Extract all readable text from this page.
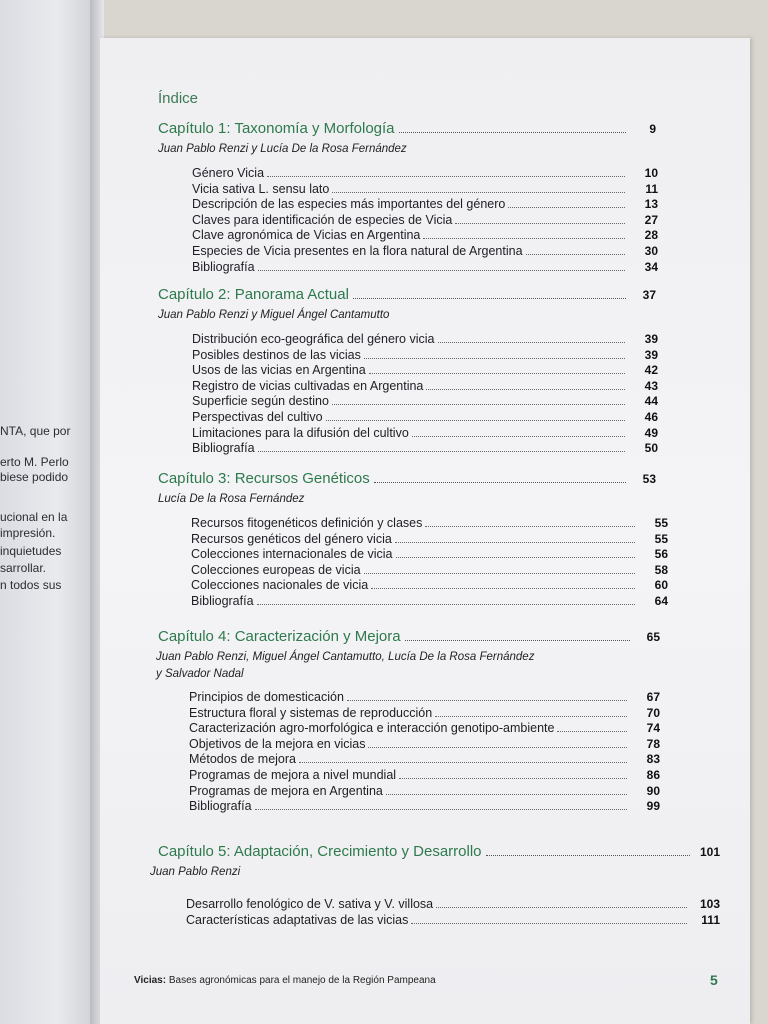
NTA, que por
erto M. Perlo
biese podido
ucional en la
impresión.
inquietudes
sarrollar.
n todos sus
Índice
Capítulo 1: Taxonomía y Morfología	9
Juan Pablo Renzi y Lucía De la Rosa Fernández
Género Vicia	10
Vicia sativa L. sensu lato	11
Descripción de las especies más importantes del género	13
Claves para identificación de especies de Vicia	27
Clave agronómica de Vicias en Argentina	28
Especies de Vicia presentes en la flora natural de Argentina	30
Bibliografía	34
Capítulo 2: Panorama Actual	37
Juan Pablo Renzi y Miguel Ángel Cantamutto
Distribución eco-geográfica del género vicia	39
Posibles destinos de las vicias	39
Usos de las vicias en Argentina	42
Registro de vicias cultivadas en Argentina	43
Superficie según destino	44
Perspectivas del cultivo	46
Limitaciones para la difusión del cultivo	49
Bibliografía	50
Capítulo 3: Recursos Genéticos	53
Lucía De la Rosa Fernández
Recursos fitogenéticos definición y clases	55
Recursos genéticos del género vicia	55
Colecciones internacionales de vicia	56
Colecciones europeas de vicia	58
Colecciones nacionales de vicia	60
Bibliografía	64
Capítulo 4: Caracterización y Mejora	65
Juan Pablo Renzi, Miguel Ángel Cantamutto, Lucía De la Rosa Fernández
y Salvador Nadal
Principios de domesticación	67
Estructura floral y sistemas de reproducción	70
Caracterización agro-morfológica e interacción genotipo-ambiente	74
Objetivos de la mejora en vicias	78
Métodos de mejora	83
Programas de mejora a nivel mundial	86
Programas de mejora en Argentina	90
Bibliografía	99
Capítulo 5: Adaptación, Crecimiento y Desarrollo	101
Juan Pablo Renzi
Desarrollo fenológico de V. sativa y V. villosa	103
Características adaptativas de las vicias	111
Vicias: Bases agronómicas para el manejo de la Región Pampeana	5
